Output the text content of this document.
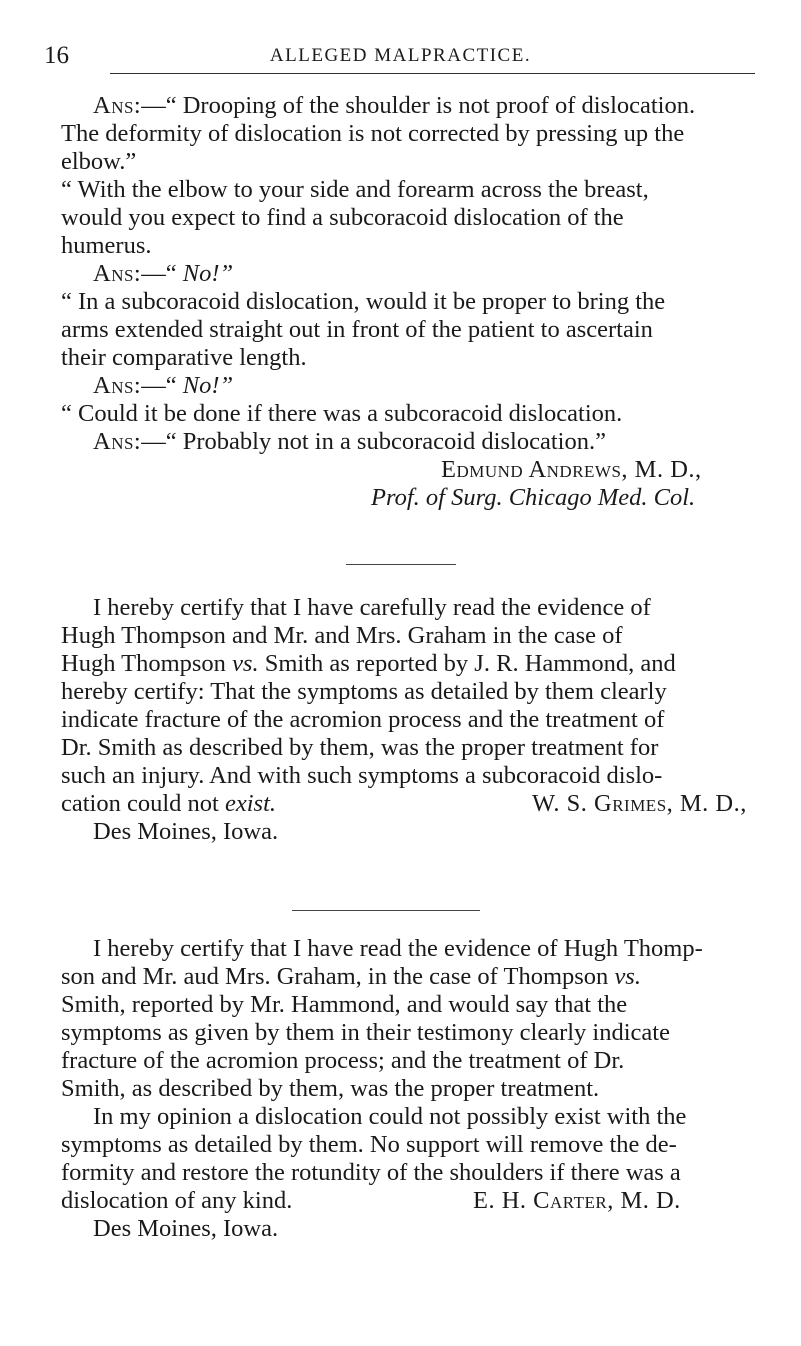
16	ALLEGED MALPRACTICE.

Ans:—“ Drooping of the shoulder is not proof of dislocation.

The deformity of dislocation is not corrected by pressing up the

elbow.”

“ With the elbow to your side and forearm across the breast,

would you expect to find a subcoracoid dislocation of the

humerus.

Ans:—“ No!”

“ In a subcoracoid dislocation, would it be proper to bring the

arms extended straight out in front of the patient to ascertain

their comparative length.

Ans:—“ No!”

“ Could it be done if there was a subcoracoid dislocation.

Ans:—“ Probably not in a subcoracoid dislocation.”

Edmund Andrews, M. D.,

Prof. of Surg. Chicago Med. Col.

I hereby certify that I have carefully read the evidence of

Hugh Thompson and Mr. and Mrs. Graham in the case of

Hugh Thompson vs. Smith as reported by J. R. Hammond, and

hereby certify: That the symptoms as detailed by them clearly

indicate fracture of the acromion process and the treatment of

Dr. Smith as described by them, was the proper treatment for

such an injury. And with such symptoms a subcoracoid dislo-

cation could not exist.	W. S. Grimes, M. D.,

Des Moines, Iowa.

I hereby certify that I have read the evidence of Hugh Thomp-

son and Mr. aud Mrs. Graham, in the case of Thompson vs.

Smith, reported by Mr. Hammond, and would say that the

symptoms as given by them in their testimony clearly indicate

fracture of the acromion process; and the treatment of Dr.

Smith, as described by them, was the proper treatment.

In my opinion a dislocation could not possibly exist with the

symptoms as detailed by them. No support will remove the de-

formity and restore the rotundity of the shoulders if there was a

dislocation of any kind.	E. H. Carter, M. D.

Des Moines, Iowa.
